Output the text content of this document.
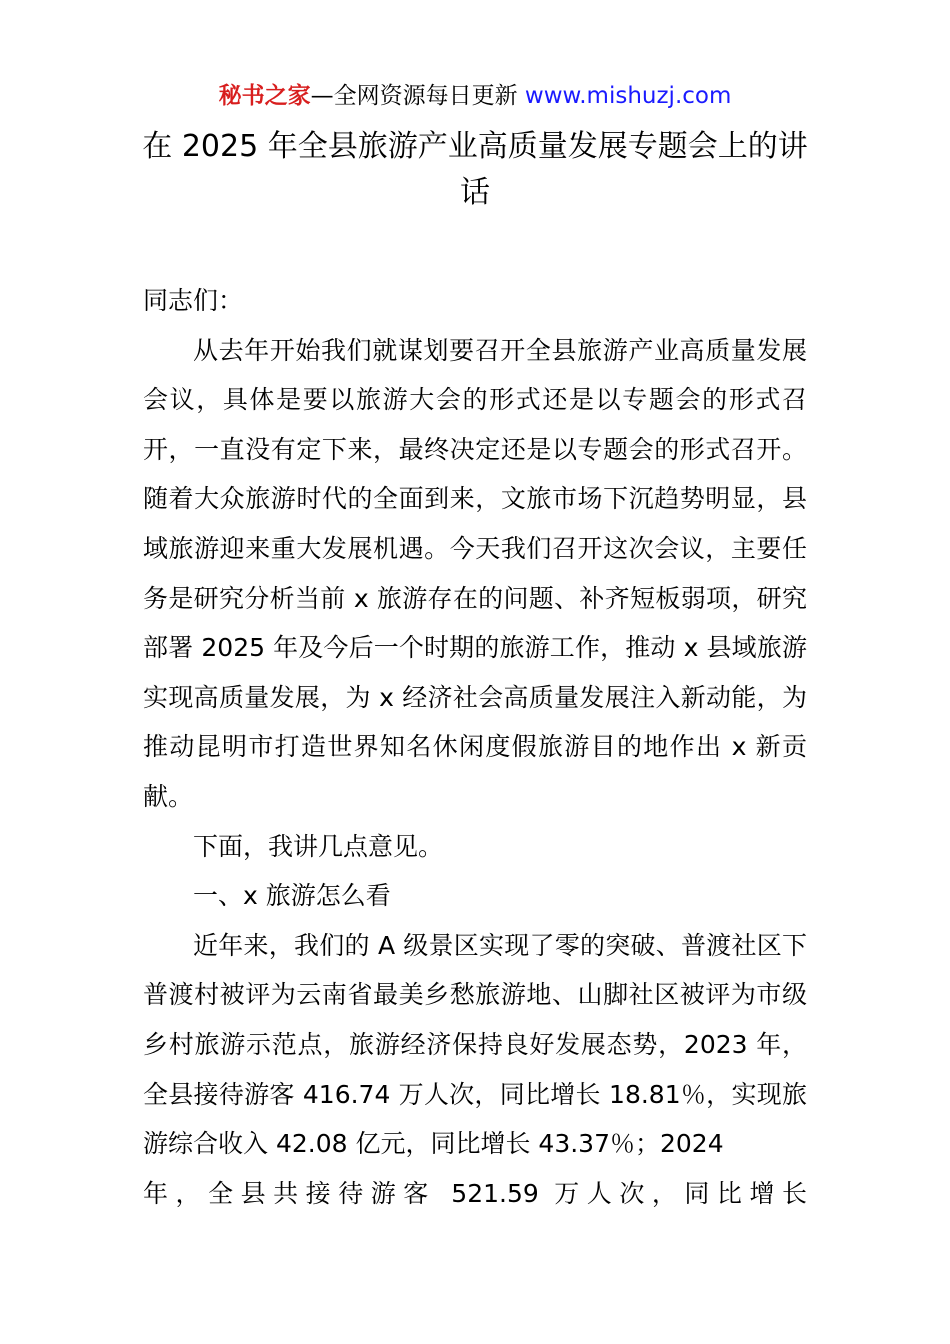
秘书之家—全网资源每日更新 www.mishuzj.com
在 2025 年全县旅游产业高质量发展专题会上的讲话

同志们：

从去年开始我们就谋划要召开全县旅游产业高质量发展会议，具体是要以旅游大会的形式还是以专题会的形式召开，一直没有定下来，最终决定还是以专题会的形式召开。随着大众旅游时代的全面到来，文旅市场下沉趋势明显，县域旅游迎来重大发展机遇。今天我们召开这次会议，主要任务是研究分析当前 x 旅游存在的问题、补齐短板弱项，研究部署 2025 年及今后一个时期的旅游工作，推动 x 县域旅游实现高质量发展，为 x 经济社会高质量发展注入新动能，为推动昆明市打造世界知名休闲度假旅游目的地作出 x 新贡献。

下面，我讲几点意见。

一、x 旅游怎么看

近年来，我们的 A 级景区实现了零的突破、普渡社区下普渡村被评为云南省最美乡愁旅游地、山脚社区被评为市级乡村旅游示范点，旅游经济保持良好发展态势，2023 年，全县接待游客 416.74 万人次，同比增长 18.81％，实现旅游综合收入 42.08 亿元，同比增长 43.37％；2024

年，全县共接待游客 521.59 万人次，同比增长
